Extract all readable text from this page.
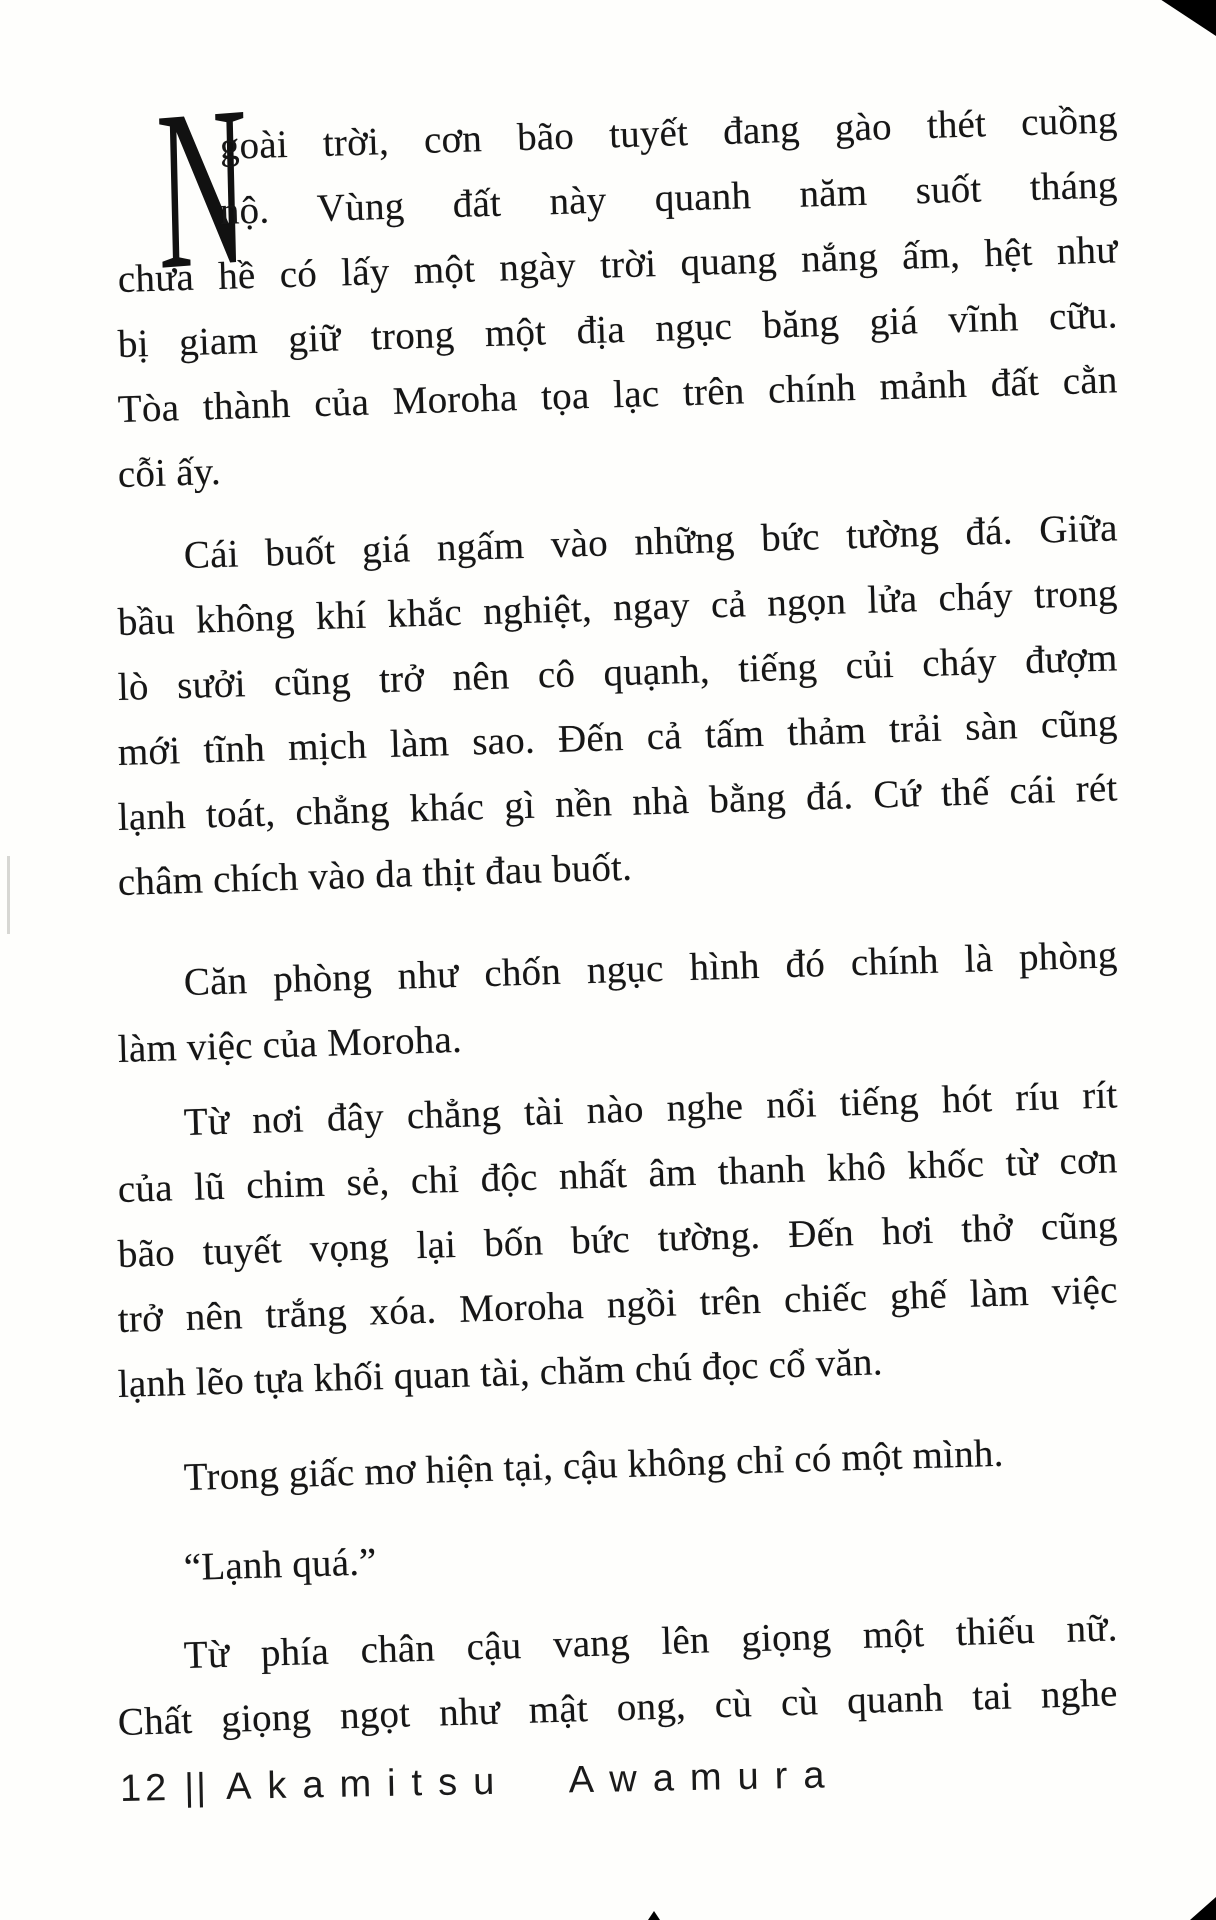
N
goài trời, cơn bão tuyết đang gào thét cuồng
nộ. Vùng đất này quanh năm suốt tháng
chưa hề có lấy một ngày trời quang nắng ấm, hệt như
bị giam giữ trong một địa ngục băng giá vĩnh cữu.
Tòa thành của Moroha tọa lạc trên chính mảnh đất cằn
cỗi ấy.
Cái buốt giá ngấm vào những bức tường đá. Giữa
bầu không khí khắc nghiệt, ngay cả ngọn lửa cháy trong
lò sưởi cũng trở nên cô quạnh, tiếng củi cháy đượm
mới tĩnh mịch làm sao. Đến cả tấm thảm trải sàn cũng
lạnh toát, chẳng khác gì nền nhà bằng đá. Cứ thế cái rét
châm chích vào da thịt đau buốt.
Căn phòng như chốn ngục hình đó chính là phòng
làm việc của Moroha.
Từ nơi đây chẳng tài nào nghe nổi tiếng hót ríu rít
của lũ chim sẻ, chỉ độc nhất âm thanh khô khốc từ cơn
bão tuyết vọng lại bốn bức tường. Đến hơi thở cũng
trở nên trắng xóa. Moroha ngồi trên chiếc ghế làm việc
lạnh lẽo tựa khối quan tài, chăm chú đọc cổ văn.
Trong giấc mơ hiện tại, cậu không chỉ có một mình.
“Lạnh quá.”
Từ phía chân cậu vang lên giọng một thiếu nữ.
Chất giọng ngọt như mật ong, cù cù quanh tai nghe
12 || Akamitsu Awamura
